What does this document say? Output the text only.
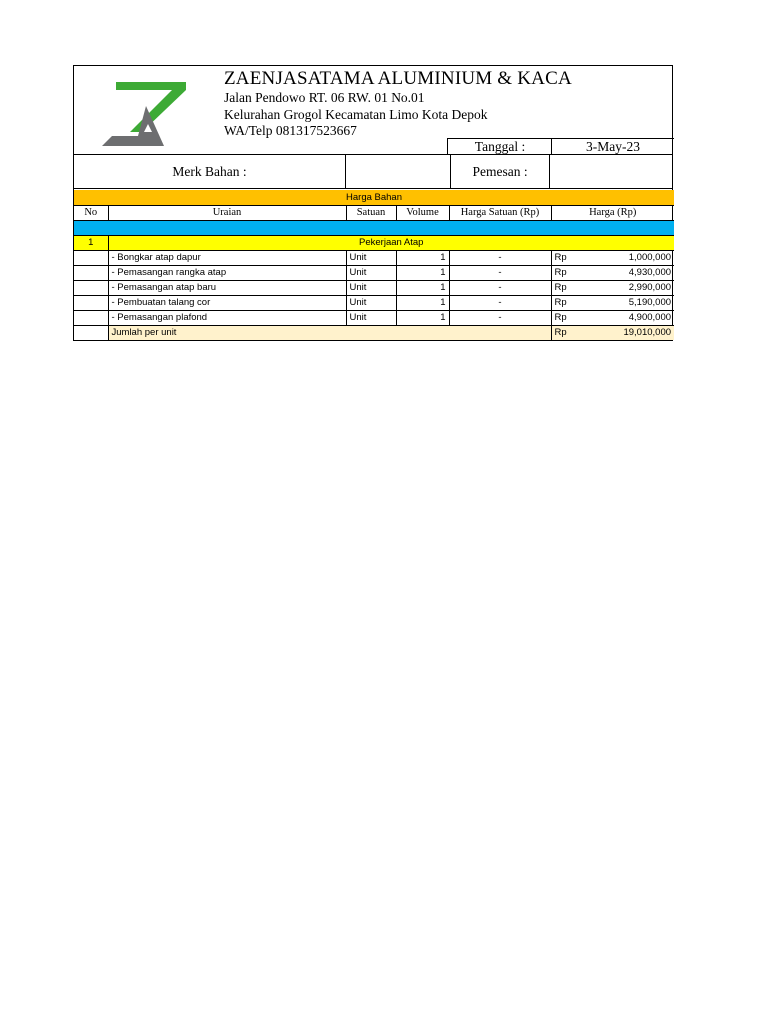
ZAENJASATAMA ALUMINIUM & KACA
Jalan Pendowo RT. 06 RW. 01 No.01
Kelurahan Grogol Kecamatan Limo Kota Depok
WA/Telp 081317523667
Tanggal :	3-May-23
Merk Bahan :	Pemesan :
Harga Bahan					
No	Uraian	Satuan	Volume	Harga Satuan (Rp)	Harga (Rp)

1	Pekerjaan Atap				
	- Bongkar atap dapur	Unit	1	-	Rp 1,000,000

	- Pemasangan rangka atap	Unit	1	-	Rp 4,930,000

	- Pemasangan atap baru	Unit	1	-	Rp 2,990,000

	- Pembuatan talang cor	Unit	1	-	Rp 5,190,000

	- Pemasangan plafond	Unit	1	-	Rp 4,900,000

	Jumlah per unit				Rp 19,010,000
